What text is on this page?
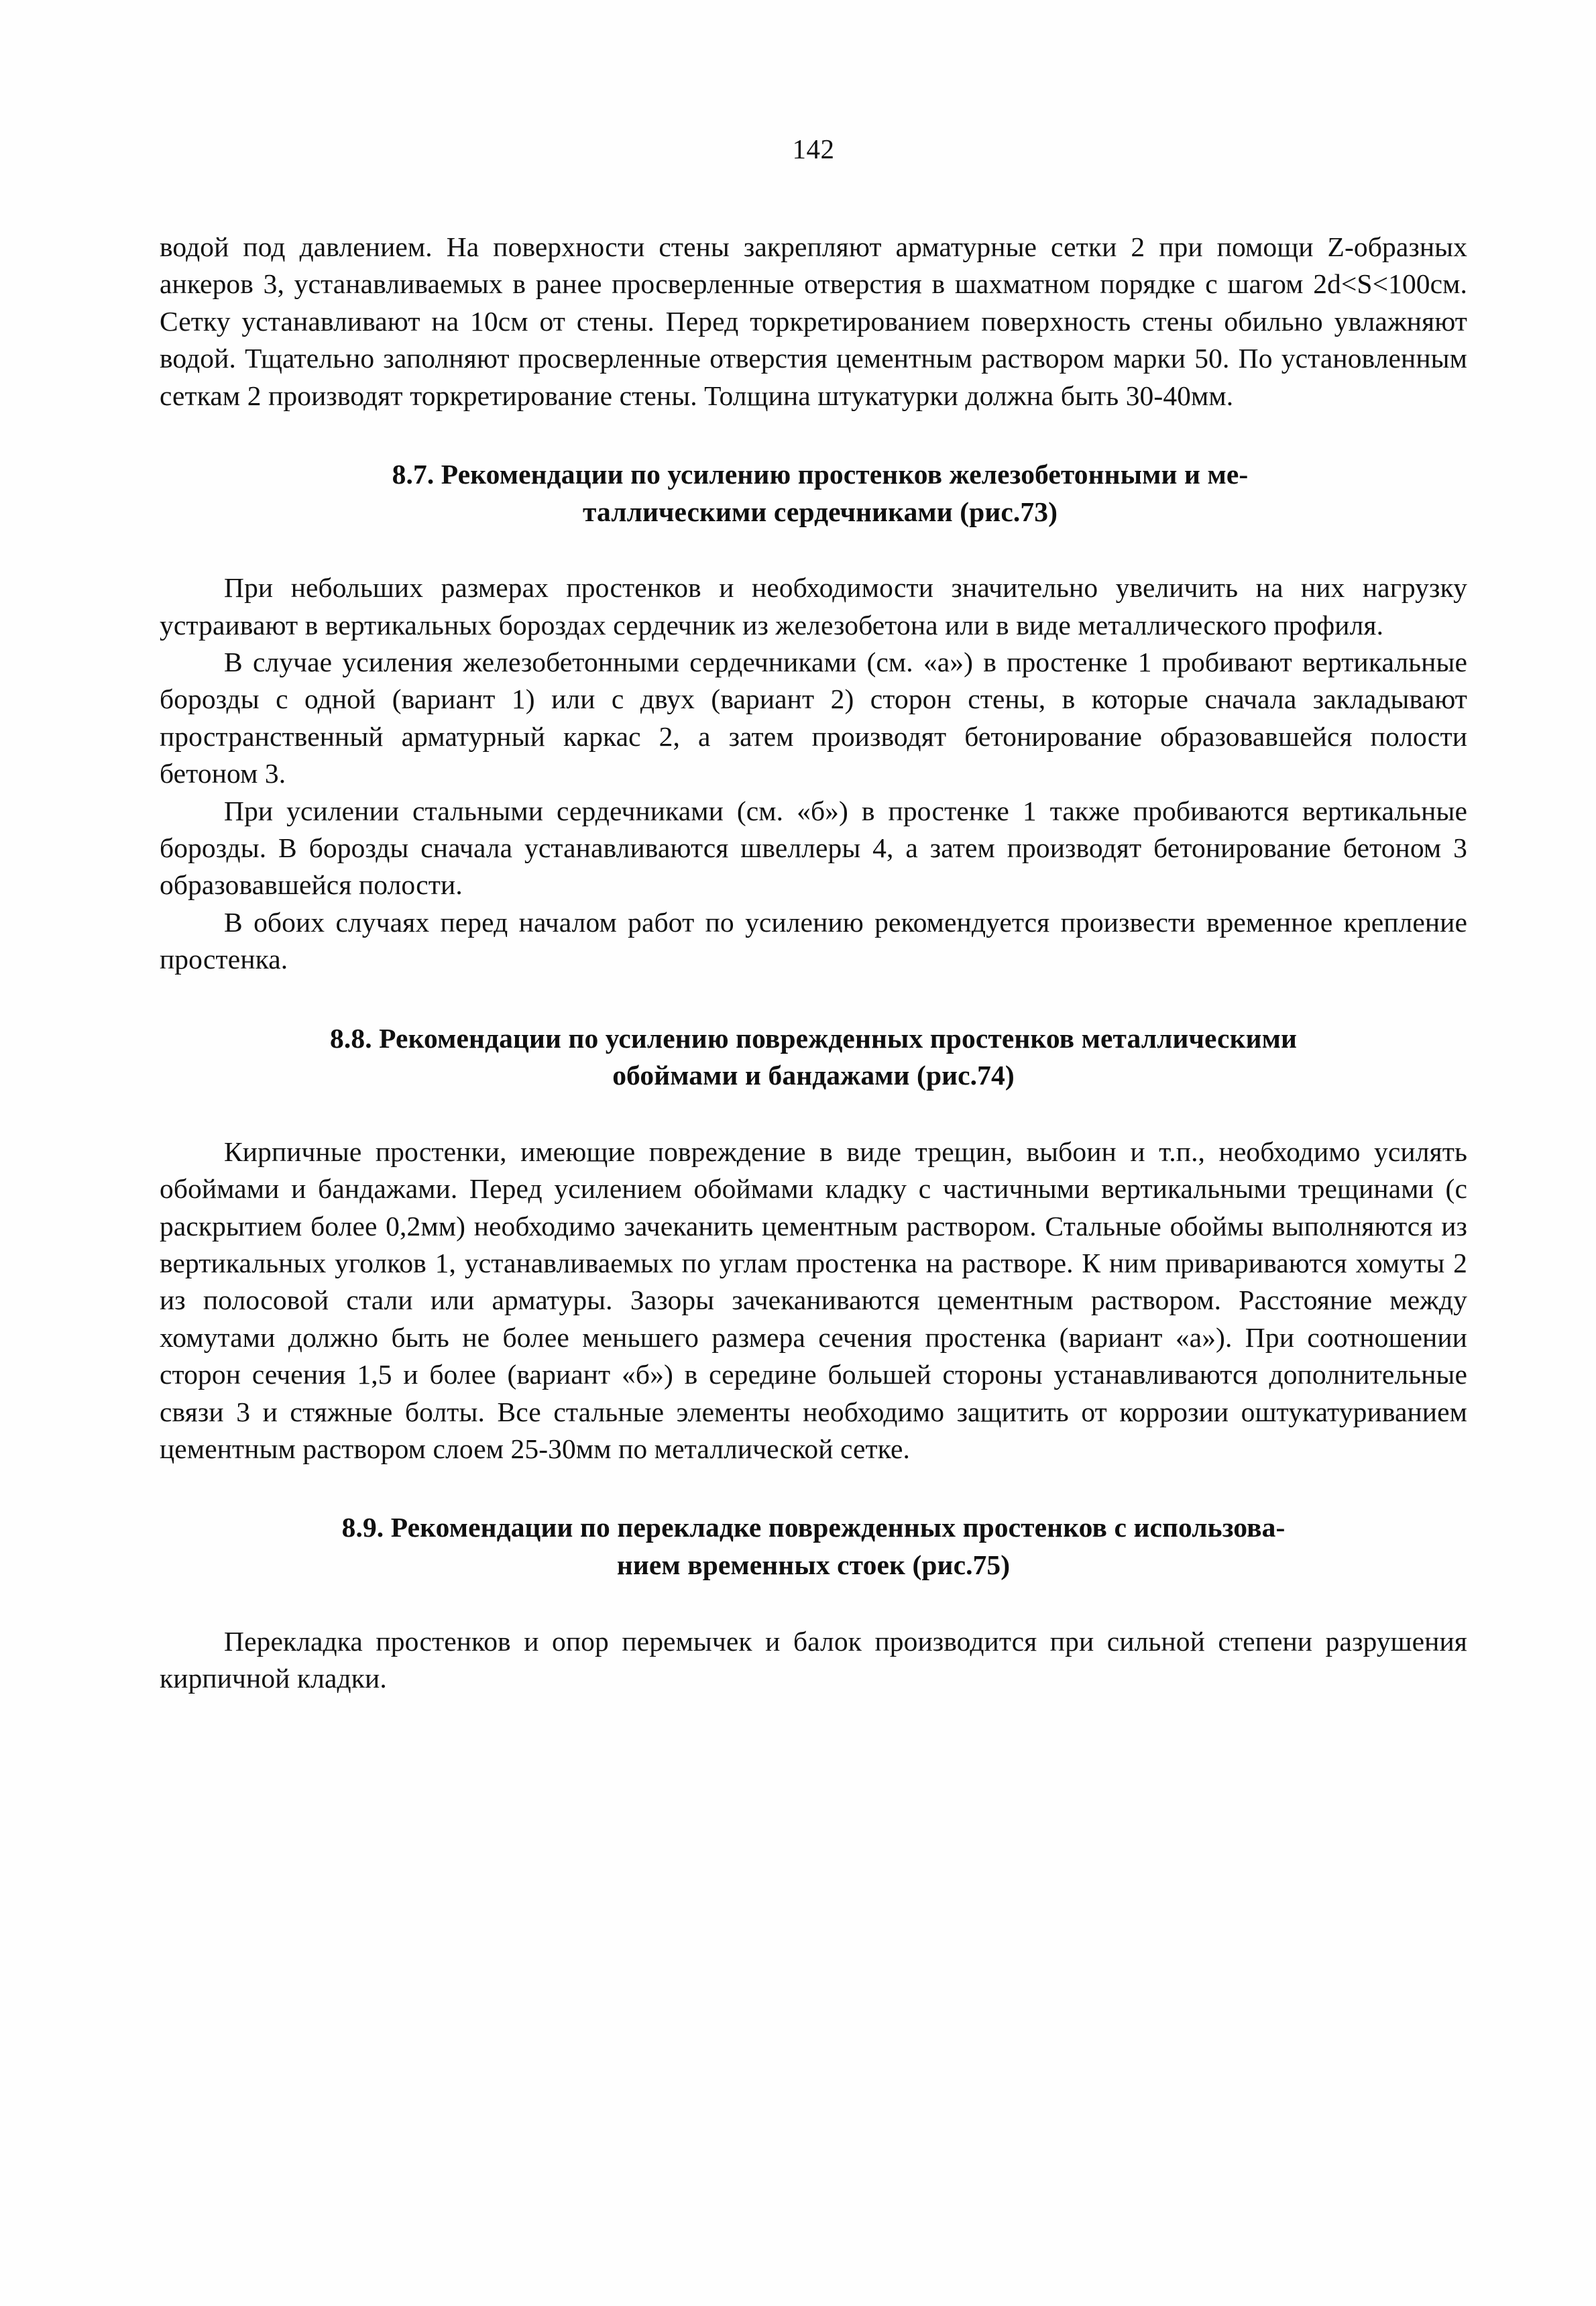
142

водой под давлением. На поверхности стены закрепляют арматурные сетки 2 при помощи Z-образных анкеров 3, устанавливаемых в ранее просверленные отверстия в шахматном порядке с шагом 2d<S<100см. Сетку устанавливают на 10см от стены. Перед торкретированием поверхность стены обильно увлажняют водой. Тщательно заполняют просверленные отверстия цементным раствором марки 50. По установленным сеткам 2 производят торкретирование стены. Толщина штукатурки должна быть 30-40мм.

8.7. Рекомендации по усилению простенков железобетонными и ме-
таллическими сердечниками (рис.73)

При небольших размерах простенков и необходимости значительно увеличить на них нагрузку устраивают в вертикальных бороздах сердечник из железобетона или в виде металлического профиля.

В случае усиления железобетонными сердечниками (см. «а») в простенке 1 пробивают вертикальные борозды с одной (вариант 1) или с двух (вариант 2) сторон стены, в которые сначала закладывают пространственный арматурный каркас 2, а затем производят бетонирование образовавшейся полости бетоном 3.

При усилении стальными сердечниками (см. «б») в простенке 1 также пробиваются вертикальные борозды. В борозды сначала устанавливаются швеллеры 4, а затем производят бетонирование бетоном 3 образовавшейся полости.

В обоих случаях перед началом работ по усилению рекомендуется произвести временное крепление простенка.

8.8. Рекомендации по усилению поврежденных простенков металлическими
обоймами и бандажами (рис.74)

Кирпичные простенки, имеющие повреждение в виде трещин, выбоин и т.п., необходимо усилять обоймами и бандажами. Перед усилением обоймами кладку с частичными вертикальными трещинами (с раскрытием более 0,2мм) необходимо зачеканить цементным раствором. Стальные обоймы выполняются из вертикальных уголков 1, устанавливаемых по углам простенка на растворе. К ним привариваются хомуты 2 из полосовой стали или арматуры. Зазоры зачеканиваются цементным раствором. Расстояние между хомутами должно быть не более меньшего размера сечения простенка (вариант «а»). При соотношении сторон сечения 1,5 и более (вариант «б») в середине большей стороны устанавливаются дополнительные связи 3 и стяжные болты. Все стальные элементы необходимо защитить от коррозии оштукатуриванием цементным раствором слоем 25-30мм по металлической сетке.

8.9. Рекомендации по перекладке поврежденных простенков с использова-
нием временных стоек (рис.75)

Перекладка простенков и опор перемычек и балок производится при сильной степени разрушения кирпичной кладки.
